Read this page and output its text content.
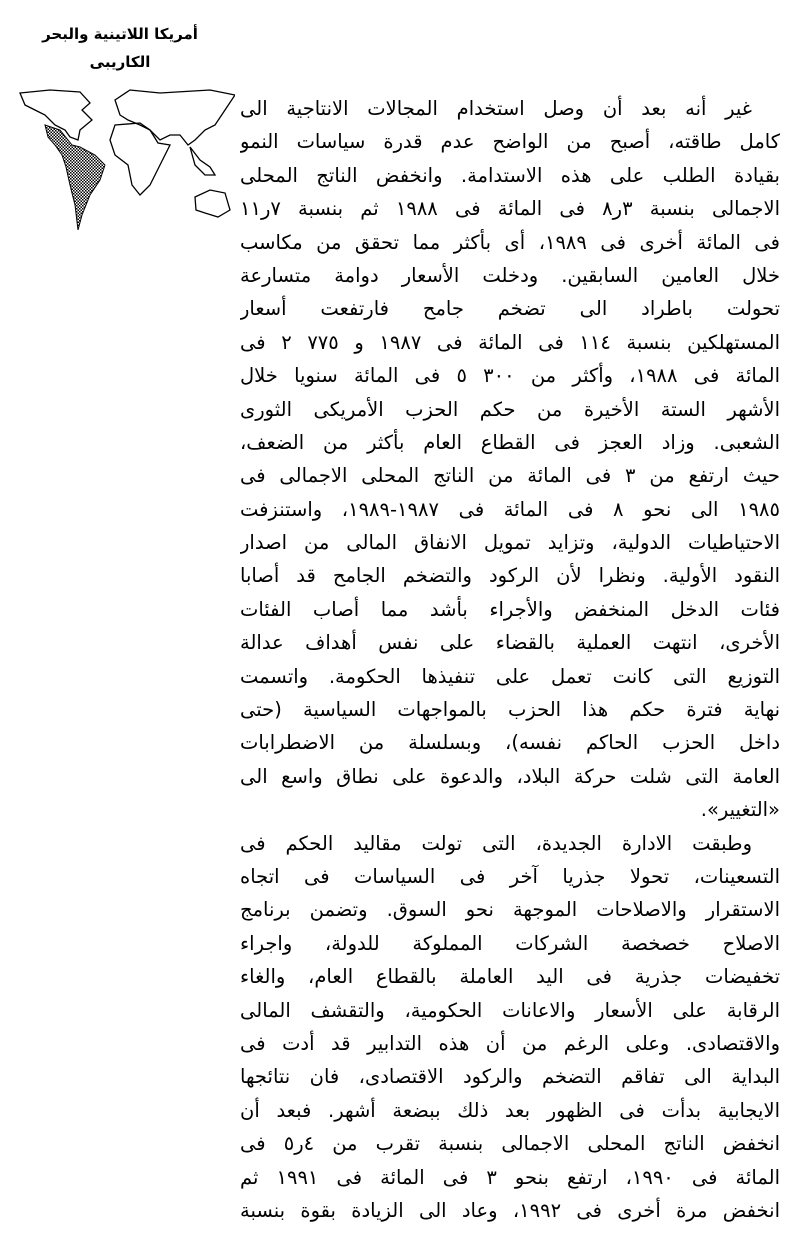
أمريكا اللاتينية والبحر
الكاريبى
غير أنه بعد أن وصل استخدام المجالات الانتاجية الى
كامل طاقته، أصبح من الواضح عدم قدرة سياسات النمو
بقيادة الطلب على هذه الاستدامة. وانخفض الناتج المحلى
الاجمالى بنسبة ٣ر٨ فى المائة فى ١٩٨٨ ثم بنسبة ٧ر١١
فى المائة أخرى فى ١٩٨٩، أى بأكثر مما تحقق من مكاسب
خلال العامين السابقين. ودخلت الأسعار دوامة متسارعة
تحولت باطراد الى تضخم جامح فارتفعت أسعار
المستهلكين بنسبة ١١٤ فى المائة فى ١٩٨٧ و ٧٧٥ ٢ فى
المائة فى ١٩٨٨، وأكثر من ٣٠٠ ٥ فى المائة سنويا خلال
الأشهر الستة الأخيرة من حكم الحزب الأمريكى الثورى
الشعبى. وزاد العجز فى القطاع العام بأكثر من الضعف،
حيث ارتفع من ٣ فى المائة من الناتج المحلى الاجمالى فى
١٩٨٥ الى نحو ٨ فى المائة فى ١٩٨٧-١٩٨٩، واستنزفت
الاحتياطيات الدولية، وتزايد تمويل الانفاق المالى من اصدار
النقود الأولية. ونظرا لأن الركود والتضخم الجامح قد أصابا
فئات الدخل المنخفض والأجراء بأشد مما أصاب الفئات
الأخرى، انتهت العملية بالقضاء على نفس أهداف عدالة
التوزيع التى كانت تعمل على تنفيذها الحكومة. واتسمت
نهاية فترة حكم هذا الحزب بالمواجهات السياسية (حتى
داخل الحزب الحاكم نفسه)، وبسلسلة من الاضطرابات
العامة التى شلت حركة البلاد، والدعوة على نطاق واسع الى
«التغيير».
وطبقت الادارة الجديدة، التى تولت مقاليد الحكم فى
التسعينات، تحولا جذريا آخر فى السياسات فى اتجاه
الاستقرار والاصلاحات الموجهة نحو السوق. وتضمن برنامج
الاصلاح خصخصة الشركات المملوكة للدولة، واجراء
تخفيضات جذرية فى اليد العاملة بالقطاع العام، والغاء
الرقابة على الأسعار والاعانات الحكومية، والتقشف المالى
والاقتصادى. وعلى الرغم من أن هذه التدابير قد أدت فى
البداية الى تفاقم التضخم والركود الاقتصادى، فان نتائجها
الايجابية بدأت فى الظهور بعد ذلك ببضعة أشهر. فبعد أن
انخفض الناتج المحلى الاجمالى بنسبة تقرب من ٤ر٥ فى
المائة فى ١٩٩٠، ارتفع بنحو ٣ فى المائة فى ١٩٩١ ثم
انخفض مرة أخرى فى ١٩٩٢، وعاد الى الزيادة بقوة بنسبة
